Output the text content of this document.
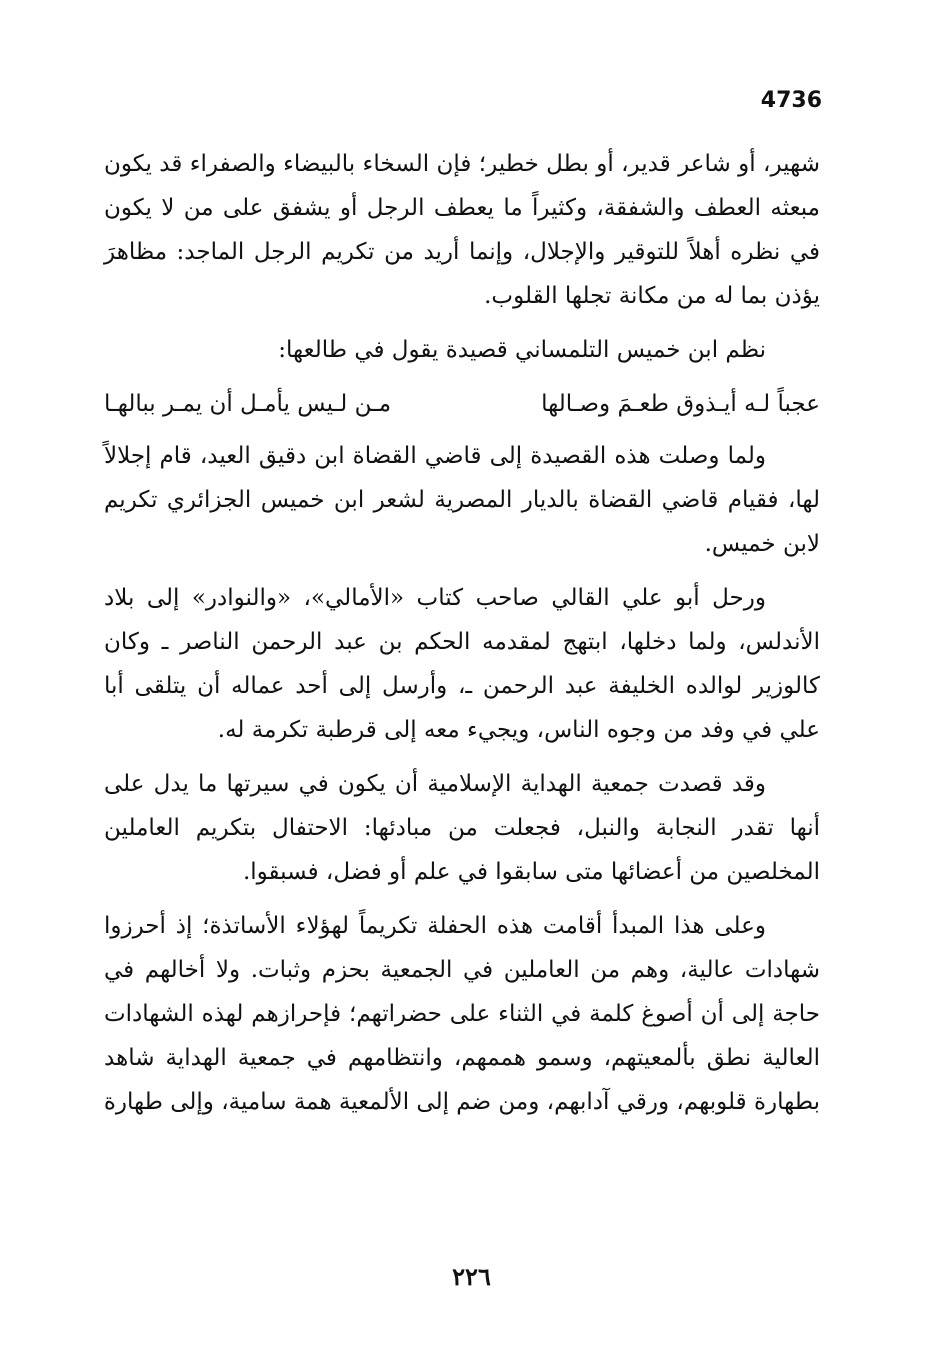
4736
شهير، أو شاعر قدير، أو بطل خطير؛ فإن السخاء بالبيضاء والصفراء قد يكون
مبعثه العطف والشفقة، وكثيراً ما يعطف الرجل أو يشفق على من لا يكون
في نظره أهلاً للتوقير والإجلال، وإنما أريد من تكريم الرجل الماجد: مظاهرَ
يؤذن بما له من مكانة تجلها القلوب.
نظم ابن خميس التلمساني قصيدة يقول في طالعها:
عجباً لـه أيـذوق طعـمَ وصـالها
مـن لـيس يأمـل أن يمـر ببالهـا
ولما وصلت هذه القصيدة إلى قاضي القضاة ابن دقيق العيد، قام إجلالاً
لها، فقيام قاضي القضاة بالديار المصرية لشعر ابن خميس الجزائري تكريم
لابن خميس.
ورحل أبو علي القالي صاحب كتاب «الأمالي»، «والنوادر» إلى بلاد
الأندلس، ولما دخلها، ابتهج لمقدمه الحكم بن عبد الرحمن الناصر ـ وكان
كالوزير لوالده الخليفة عبد الرحمن ـ، وأرسل إلى أحد عماله أن يتلقى أبا
علي في وفد من وجوه الناس، ويجيء معه إلى قرطبة تكرمة له.
وقد قصدت جمعية الهداية الإسلامية أن يكون في سيرتها ما يدل على
أنها تقدر النجابة والنبل، فجعلت من مبادئها: الاحتفال بتكريم العاملين
المخلصين من أعضائها متى سابقوا في علم أو فضل، فسبقوا.
وعلى هذا المبدأ أقامت هذه الحفلة تكريماً لهؤلاء الأساتذة؛ إذ أحرزوا
شهادات عالية، وهم من العاملين في الجمعية بحزم وثبات. ولا أخالهم في
حاجة إلى أن أصوغ كلمة في الثناء على حضراتهم؛ فإحرازهم لهذه الشهادات
العالية نطق بألمعيتهم، وسمو هممهم، وانتظامهم في جمعية الهداية شاهد
بطهارة قلوبهم، ورقي آدابهم، ومن ضم إلى الألمعية همة سامية، وإلى طهارة
٢٢٦
